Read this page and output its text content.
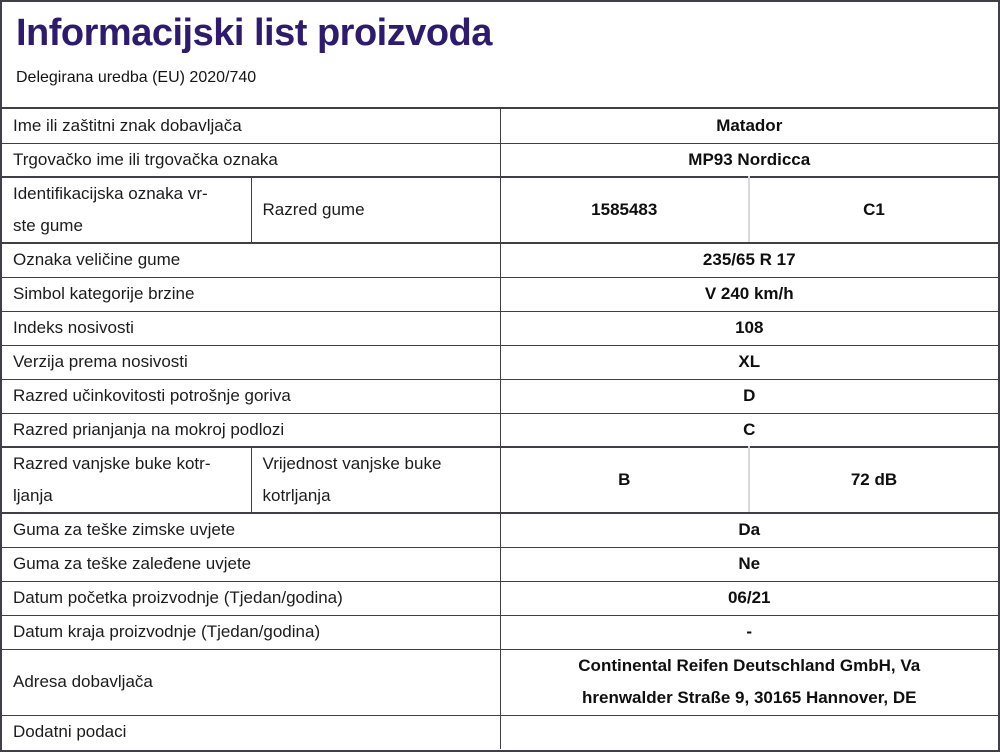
Informacijski list proizvoda
Delegirana uredba (EU) 2020/740
Ime ili zaštitni znak dobavljača		Matador	
Trgovačko ime ili trgovačka oznaka		MP93 Nordicca	
Identifikacijska oznaka vr-
ste gume	Razred gume	1585483	C1
Oznaka veličine gume		235/65 R 17	
Simbol kategorije brzine		V 240 km/h	
Indeks nosivosti		108	
Verzija prema nosivosti		XL	
Razred učinkovitosti potrošnje goriva		D	
Razred prianjanja na mokroj podlozi		C	
Razred vanjske buke kotr-
ljanja	Vrijednost vanjske buke
kotrljanja	B	72 dB
Guma za teške zimske uvjete		Da	
Guma za teške zaleđene uvjete		Ne	
Datum početka proizvodnje (Tjedan/godina)		06/21	
Datum kraja proizvodnje (Tjedan/godina)		-	
Adresa dobavljača		Continental Reifen Deutschland GmbH, Va
hrenwalder Straße 9, 30165 Hannover, DE	
Dodatni podaci			
